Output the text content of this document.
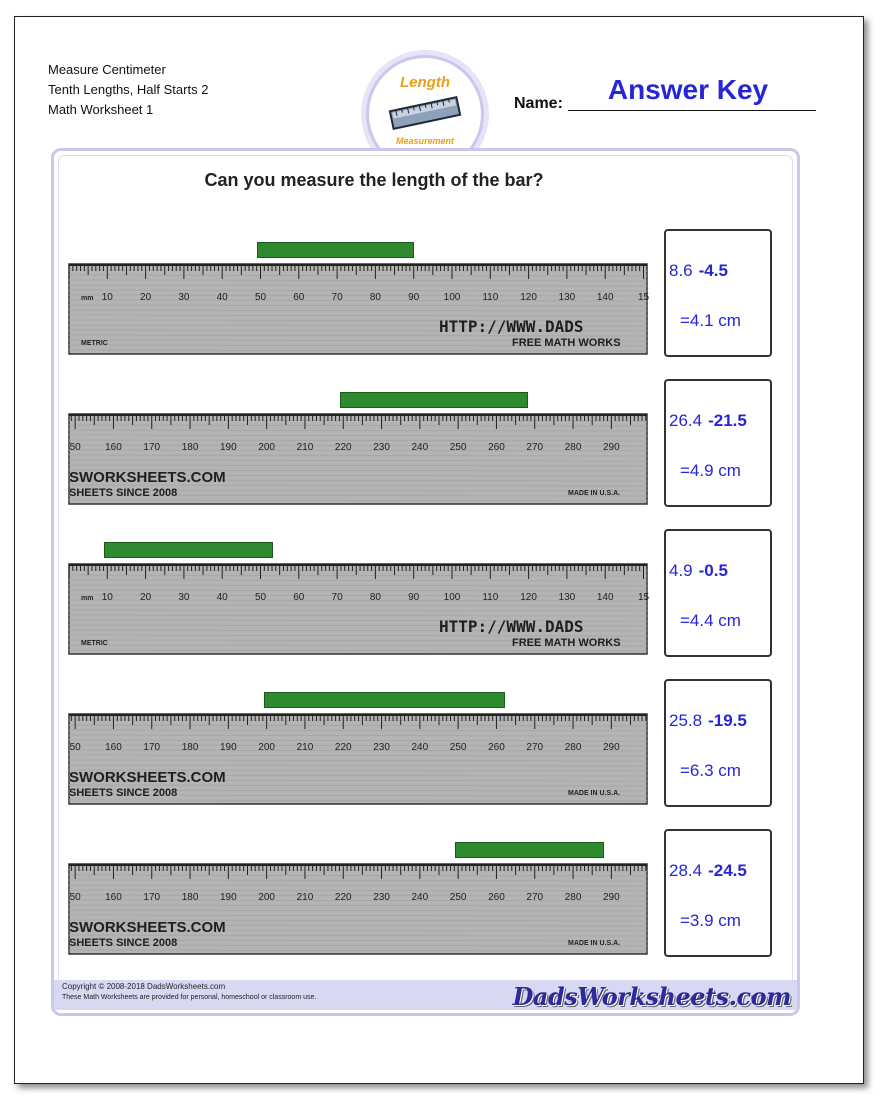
Measure Centimeter
Tenth Lengths, Half Starts 2
Math Worksheet 1
Length
Measurement
Name:	Answer Key
Can you measure the length of the bar?
10	20	30	40	50	60	70	80	90 100 110 120 130 140 15
mm
HTTP://WWW.DADS
FREE MATH WORKS
METRIC
8.6 -4.5
=4.1 cm
50 160 170 180 190 200 210 220 230 240 250 260 270 280 290
SWORKSHEETS.COM
SHEETS SINCE 2008	MADE IN U.S.A.
26.4 -21.5
=4.9 cm
10	20	30	40	50	60	70	80	90 100 110 120 130 140 15
mm
HTTP://WWW.DADS
FREE MATH WORKS
METRIC
4.9 -0.5
=4.4 cm
50 160 170 180 190 200 210 220 230 240 250 260 270 280 290
SWORKSHEETS.COM
SHEETS SINCE 2008	MADE IN U.S.A.
25.8 -19.5
=6.3 cm
50 160 170 180 190 200 210 220 230 240 250 260 270 280 290
SWORKSHEETS.COM
SHEETS SINCE 2008	MADE IN U.S.A.
28.4 -24.5
=3.9 cm
Copyright © 2008-2018 DadsWorksheets.com
These Math Worksheets are provided for personal, homeschool or classroom use.	DadsWorksheets.com
